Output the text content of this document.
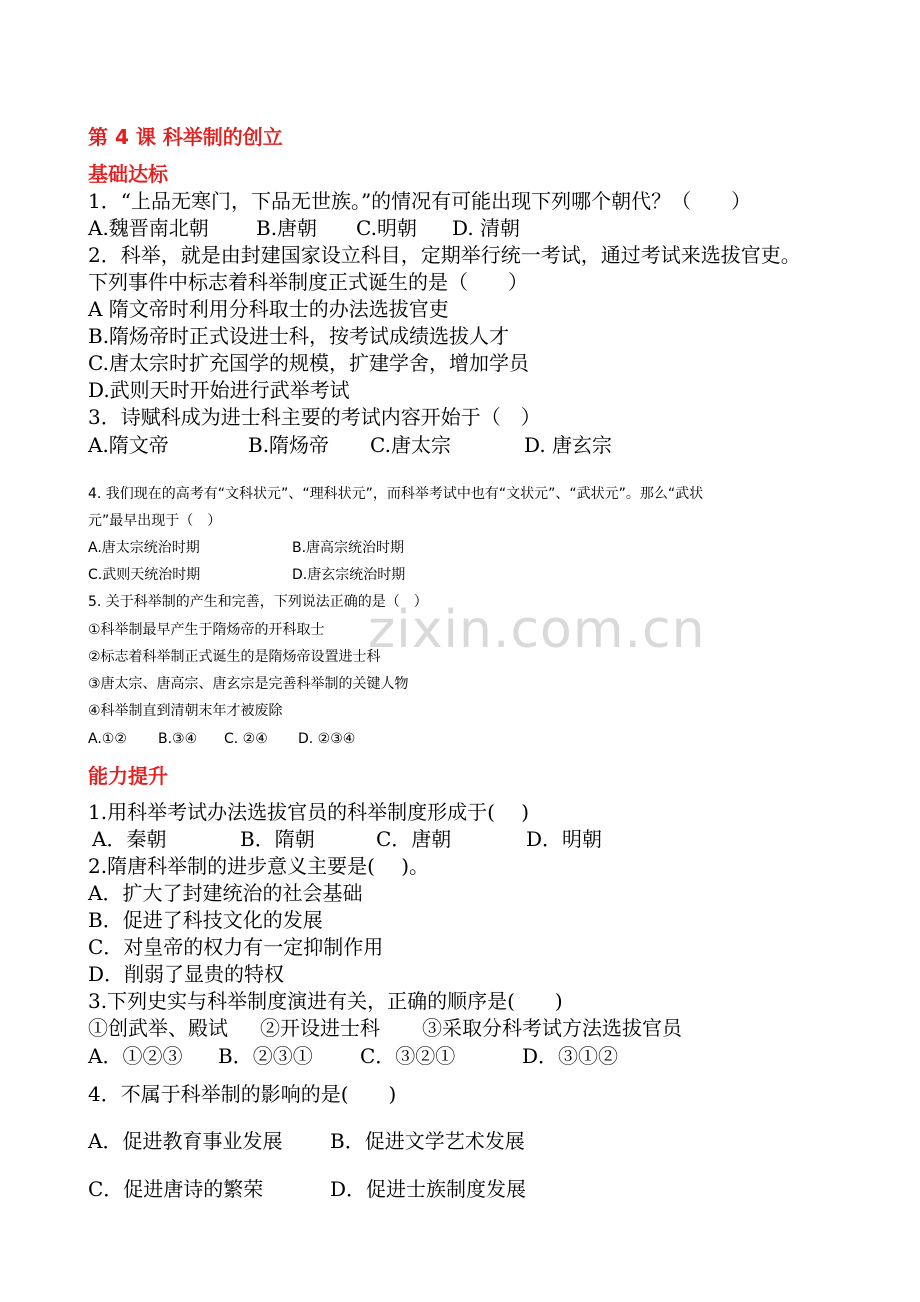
zixin.com.cn
第 4 课 科举制的创立
基础达标
1．“上品无寒门，下品无世族。”的情况有可能出现下列哪个朝代？（　　）
A.魏晋南北朝 B.唐朝 C.明朝 D. 清朝
2．科举，就是由封建国家设立科目，定期举行统一考试，通过考试来选拔官吏。
下列事件中标志着科举制度正式诞生的是（　　）
A 隋文帝时利用分科取士的办法选拔官吏
B.隋炀帝时正式设进士科，按考试成绩选拔人才
C.唐太宗时扩充国学的规模，扩建学舍，增加学员
D.武则天时开始进行武举考试
3．诗赋科成为进士科主要的考试内容开始于（　）
A.隋文帝	B.隋炀帝 C.唐太宗	D. 唐玄宗
4. 我们现在的高考有“文科状元”、“理科状元”，而科举考试中也有“文状元”、“武状元”。那么“武状
元”最早出现于（　）
A.唐太宗统治时期	B.唐高宗统治时期
C.武则天统治时期	D.唐玄宗统治时期
5. 关于科举制的产生和完善，下列说法正确的是（　）
①科举制最早产生于隋炀帝的开科取士
②标志着科举制正式诞生的是隋炀帝设置进士科
③唐太宗、唐高宗、唐玄宗是完善科举制的关键人物
④科举制直到清朝末年才被废除
A.①② B.③④ C. ②④ D. ②③④
能力提升
1.用科举考试办法选拔官员的科举制度形成于(　 )
A．秦朝	B．隋朝	C．唐朝	D．明朝
2.隋唐科举制的进步意义主要是(　 )。
A．扩大了封建统治的社会基础
B．促进了科技文化的发展
C．对皇帝的权力有一定抑制作用
D．削弱了显贵的特权
3.下列史实与科举制度演进有关，正确的顺序是(　　)
①创武举、殿试 ②开设进士科 ③采取分科考试方法选拔官员
A．①②③ B．②③① C．③②①	D．③①②
4．不属于科举制的影响的是(　　)
A．促进教育事业发展 B．促进文学艺术发展
C．促进唐诗的繁荣	D．促进士族制度发展
